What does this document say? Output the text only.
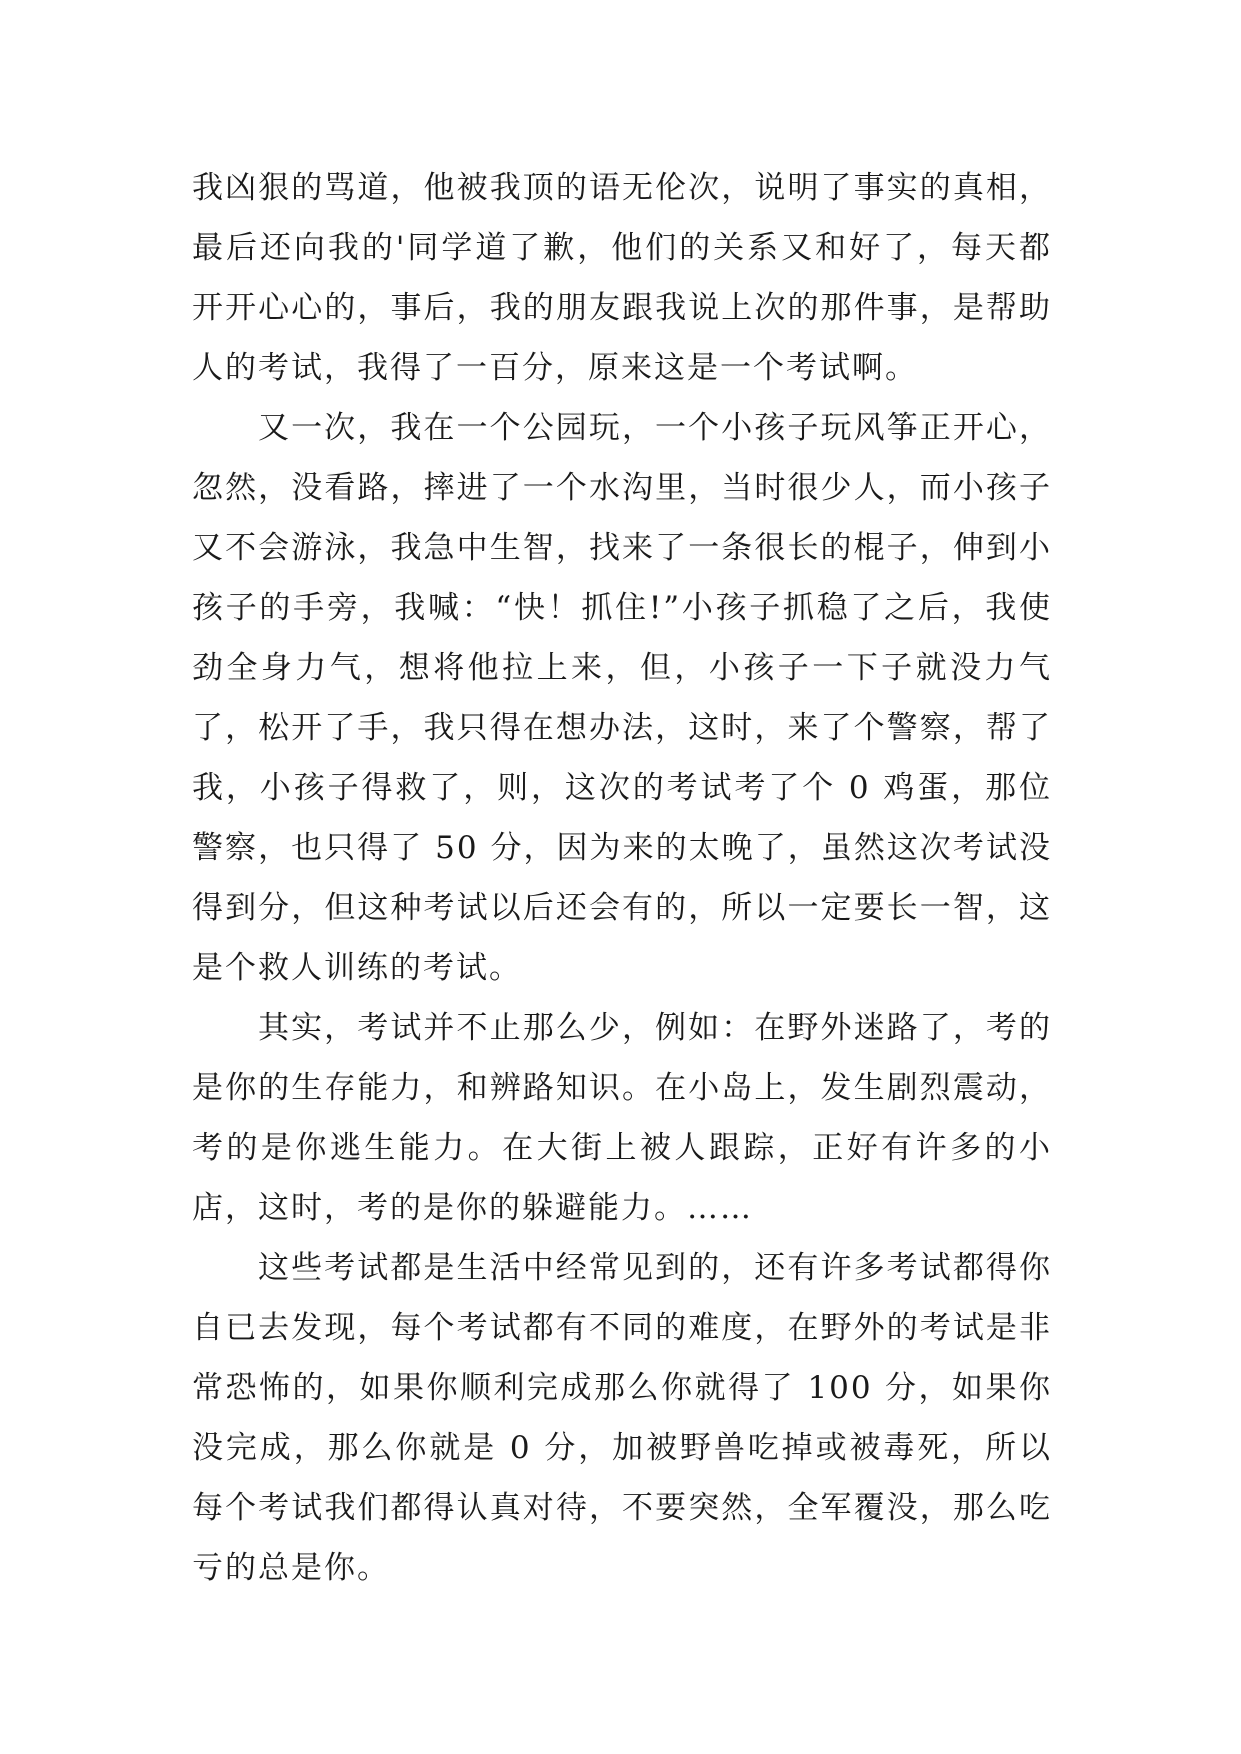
我凶狠的骂道，他被我顶的语无伦次，说明了事实的真相，最后还向我的'同学道了歉，他们的关系又和好了，每天都开开心心的，事后，我的朋友跟我说上次的那件事，是帮助人的考试，我得了一百分，原来这是一个考试啊。

又一次，我在一个公园玩，一个小孩子玩风筝正开心，忽然，没看路，摔进了一个水沟里，当时很少人，而小孩子又不会游泳，我急中生智，找来了一条很长的棍子，伸到小孩子的手旁，我喊：“快！抓住!”小孩子抓稳了之后，我使劲全身力气，想将他拉上来，但，小孩子一下子就没力气了，松开了手，我只得在想办法，这时，来了个警察，帮了我，小孩子得救了，则，这次的考试考了个 0 鸡蛋，那位警察，也只得了 50 分，因为来的太晚了，虽然这次考试没得到分，但这种考试以后还会有的，所以一定要长一智，这是个救人训练的考试。

其实，考试并不止那么少，例如：在野外迷路了，考的是你的生存能力，和辨路知识。在小岛上，发生剧烈震动，考的是你逃生能力。在大街上被人跟踪，正好有许多的小店，这时，考的是你的躲避能力。……

这些考试都是生活中经常见到的，还有许多考试都得你自已去发现，每个考试都有不同的难度，在野外的考试是非常恐怖的，如果你顺利完成那么你就得了 100 分，如果你没完成，那么你就是 0 分，加被野兽吃掉或被毒死，所以每个考试我们都得认真对待，不要突然，全军覆没，那么吃亏的总是你。
